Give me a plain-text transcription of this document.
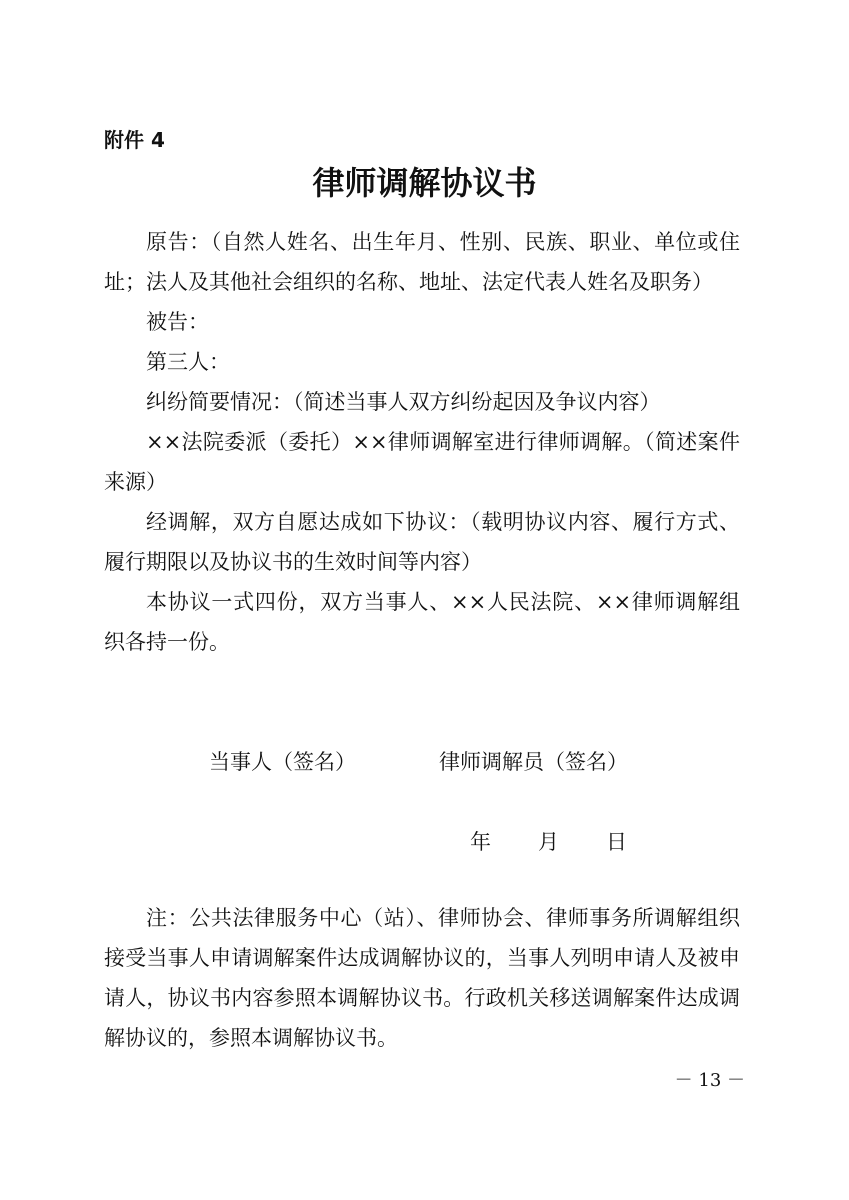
附件 4
律师调解协议书

原告：（自然人姓名、出生年月、性别、民族、职业、单位或住址；法人及其他社会组织的名称、地址、法定代表人姓名及职务）

被告：

第三人：

纠纷简要情况：（简述当事人双方纠纷起因及争议内容）

××法院委派（委托）××律师调解室进行律师调解。（简述案件来源）

经调解，双方自愿达成如下协议：（载明协议内容、履行方式、履行期限以及协议书的生效时间等内容）

本协议一式四份，双方当事人、××人民法院、××律师调解组织各持一份。

当事人（签名）	律师调解员（签名）
年 月 日

注：公共法律服务中心（站）、律师协会、律师事务所调解组织接受当事人申请调解案件达成调解协议的，当事人列明申请人及被申请人，协议书内容参照本调解协议书。行政机关移送调解案件达成调解协议的，参照本调解协议书。

－ 13 －
